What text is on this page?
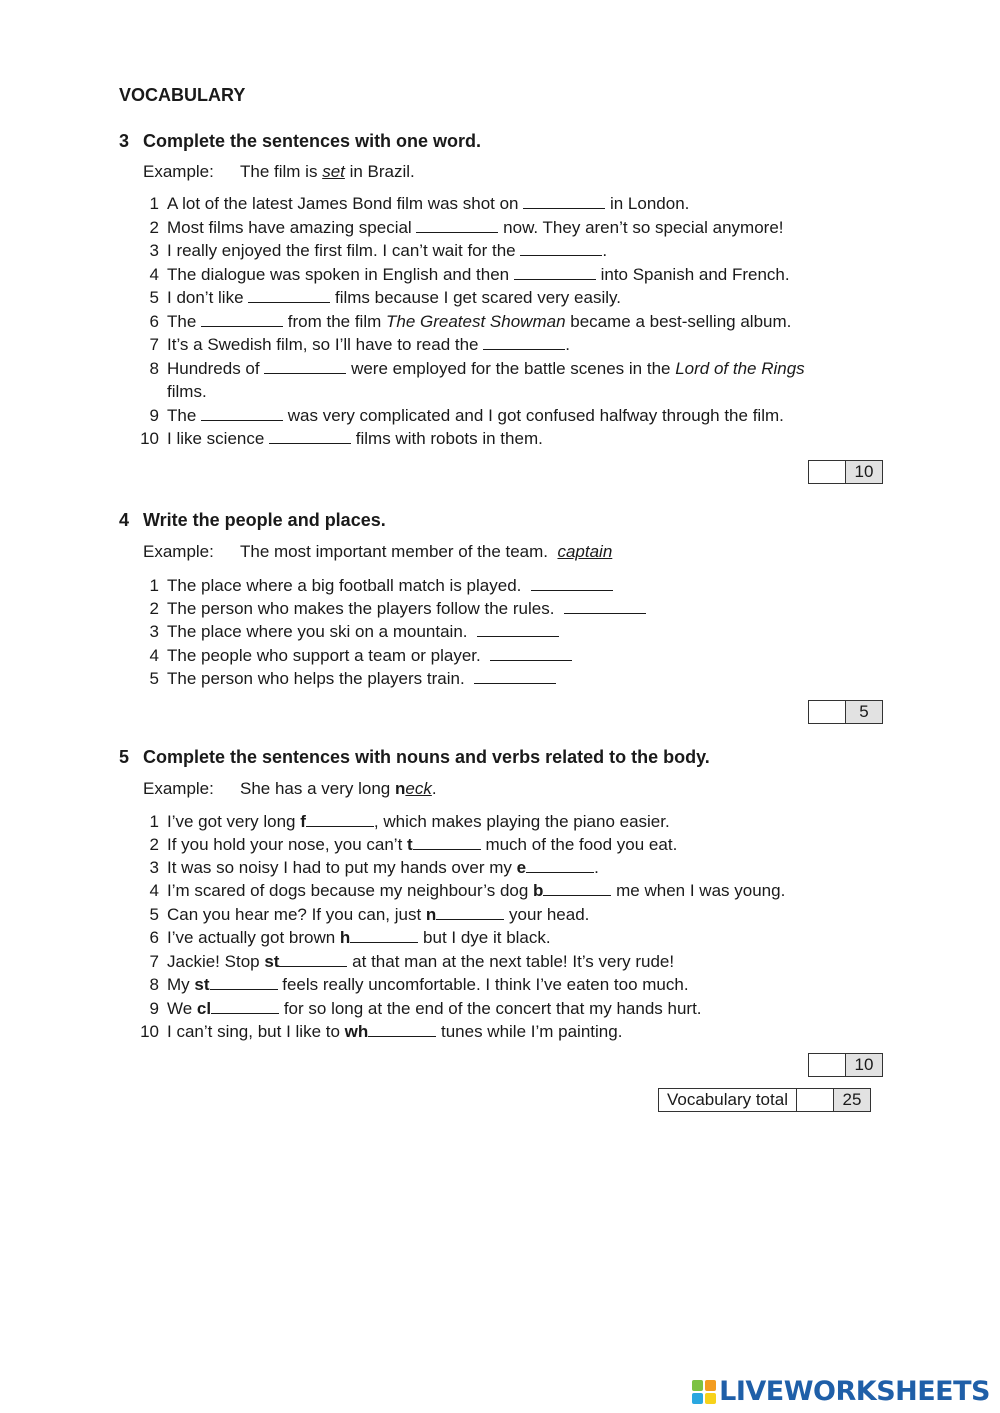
VOCABULARY
3 Complete the sentences with one word.
Example: The film is set in Brazil.
1 A lot of the latest James Bond film was shot on	in London.
2 Most films have amazing special	now. They aren’t so special anymore!
3 I really enjoyed the first film. I can’t wait for the	.
4 The dialogue was spoken in English and then	into Spanish and French.
5 I don’t like	films because I get scared very easily.
6 The	from the film The Greatest Showman became a best-selling album.
7 It’s a Swedish film, so I’ll have to read the	.
8 Hundreds of	were employed for the battle scenes in the Lord of the Rings
films.
9 The	was very complicated and I got confused halfway through the film.
10 I like science	films with robots in them.
10
4 Write the people and places.
Example: The most important member of the team. captain
1 The place where a big football match is played.
2 The person who makes the players follow the rules.
3 The place where you ski on a mountain.
4 The people who support a team or player.
5 The person who helps the players train.
5
5 Complete the sentences with nouns and verbs related to the body.
Example: She has a very long neck.
1 I’ve got very long f	, which makes playing the piano easier.
2 If you hold your nose, you can’t t	much of the food you eat.
3 It was so noisy I had to put my hands over my e	.
4 I’m scared of dogs because my neighbour’s dog b	me when I was young.
5 Can you hear me? If you can, just n	your head.
6 I’ve actually got brown h	but I dye it black.
7 Jackie! Stop st	at that man at the next table! It’s very rude!
8 My st	feels really uncomfortable. I think I’ve eaten too much.
9 We cl	for so long at the end of the concert that my hands hurt.
10 I can’t sing, but I like to wh	tunes while I’m painting.
10
Vocabulary total	25
LIVEWORKSHEETS
